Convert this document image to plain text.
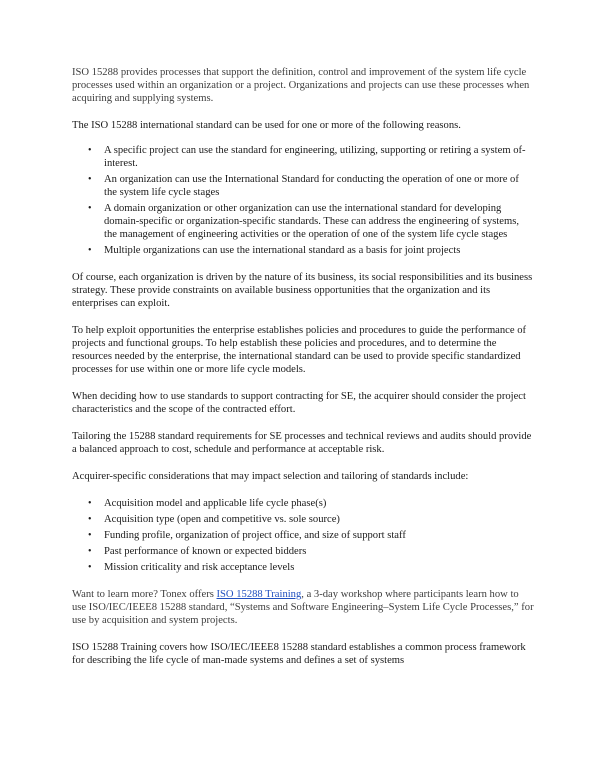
ISO 15288 provides processes that support the definition, control and improvement of the system life cycle processes used within an organization or a project. Organizations and projects can use these processes when acquiring and supplying systems.

The ISO 15288 international standard can be used for one or more of the following reasons.

• A specific project can use the standard for engineering, utilizing, supporting or retiring a system of-interest.
• An organization can use the International Standard for conducting the operation of one or more of the system life cycle stages
• A domain organization or other organization can use the international standard for developing domain-specific or organization-specific standards. These can address the engineering of systems, the management of engineering activities or the operation of one of the system life cycle stages
• Multiple organizations can use the international standard as a basis for joint projects

Of course, each organization is driven by the nature of its business, its social responsibilities and its business strategy. These provide constraints on available business opportunities that the organization and its enterprises can exploit.

To help exploit opportunities the enterprise establishes policies and procedures to guide the performance of projects and functional groups. To help establish these policies and procedures, and to determine the resources needed by the enterprise, the international standard can be used to provide specific standardized processes for use within one or more life cycle models.

When deciding how to use standards to support contracting for SE, the acquirer should consider the project characteristics and the scope of the contracted effort.

Tailoring the 15288 standard requirements for SE processes and technical reviews and audits should provide a balanced approach to cost, schedule and performance at acceptable risk.

Acquirer-specific considerations that may impact selection and tailoring of standards include:

• Acquisition model and applicable life cycle phase(s)
• Acquisition type (open and competitive vs. sole source)
• Funding profile, organization of project office, and size of support staff
• Past performance of known or expected bidders
• Mission criticality and risk acceptance levels

Want to learn more? Tonex offers ISO 15288 Training, a 3-day workshop where participants learn how to use ISO/IEC/IEEE8 15288 standard, “Systems and Software Engineering–System Life Cycle Processes,” for use by acquisition and system projects.

ISO 15288 Training covers how ISO/IEC/IEEE8 15288 standard establishes a common process framework for describing the life cycle of man-made systems and defines a set of systems
